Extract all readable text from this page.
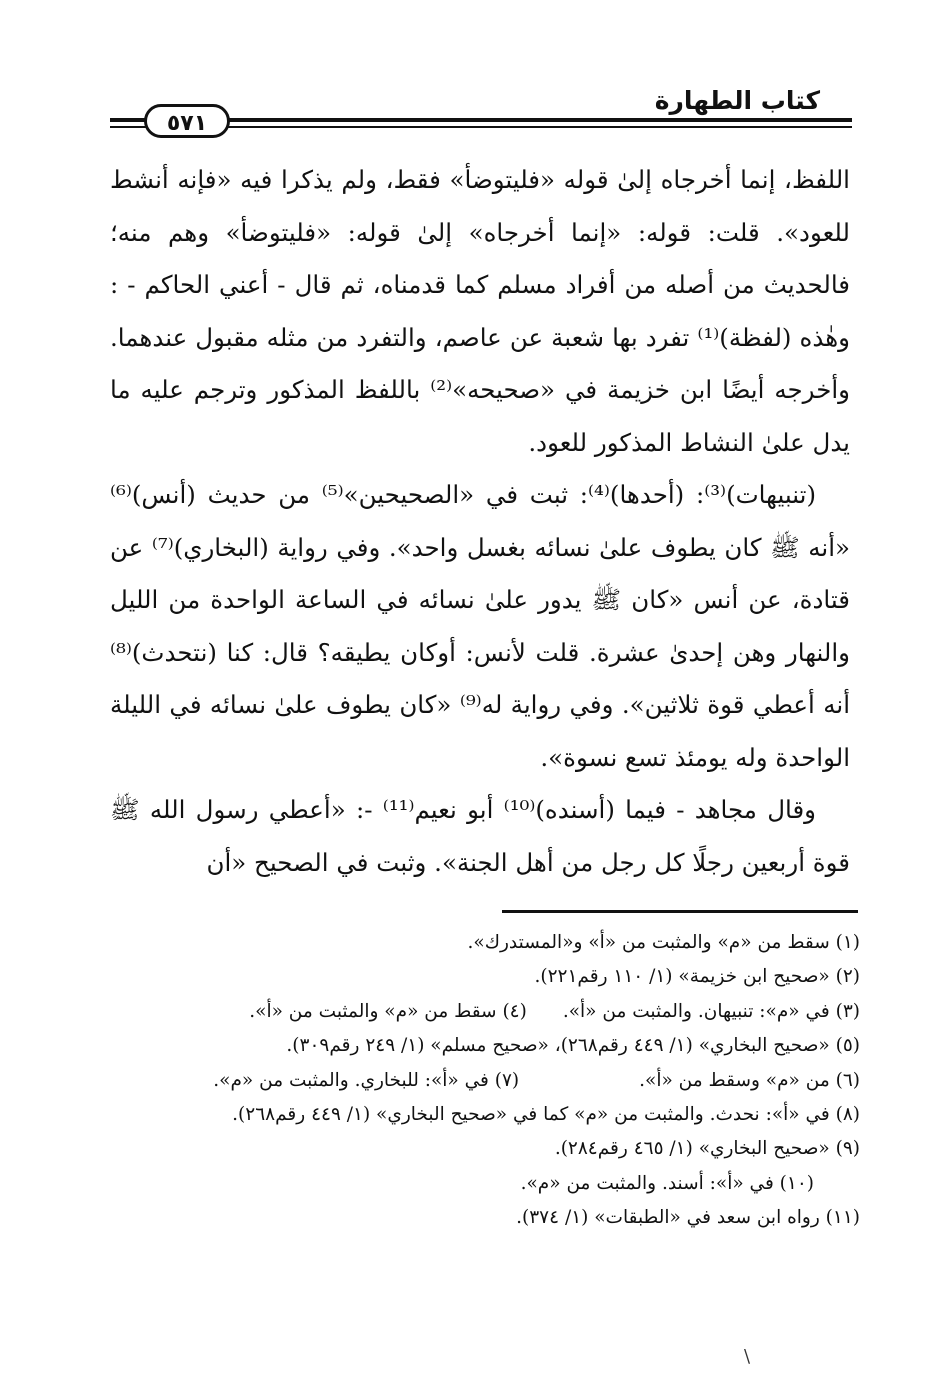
٥٧١
كتاب الطهارة

اللفظ، إنما أخرجاه إلىٰ قوله «فليتوضأ» فقط، ولم يذكرا فيه «فإنه أنشط للعود». قلت: قوله: «إنما أخرجاه» إلىٰ قوله: «فليتوضأ» وهم منه؛ فالحديث من أصله من أفراد مسلم كما قدمناه، ثم قال - أعني الحاكم - : وهٰذه (لفظة)⁽¹⁾ تفرد بها شعبة عن عاصم، والتفرد من مثله مقبول عندهما. وأخرجه أيضًا ابن خزيمة في «صحيحه»⁽²⁾ باللفظ المذكور وترجم عليه ما يدل علىٰ النشاط المذكور للعود.

(تنبيهات)⁽³⁾: (أحدها)⁽⁴⁾: ثبت في «الصحيحين»⁽⁵⁾ من حديث (أنس)⁽⁶⁾ «أنه ﷺ كان يطوف علىٰ نسائه بغسل واحد». وفي رواية (البخاري)⁽⁷⁾ عن قتادة، عن أنس «كان ﷺ يدور علىٰ نسائه في الساعة الواحدة من الليل والنهار وهن إحدىٰ عشرة. قلت لأنس: أوكان يطيقه؟ قال: كنا (نتحدث)⁽⁸⁾ أنه أعطي قوة ثلاثين». وفي رواية له⁽⁹⁾ «كان يطوف علىٰ نسائه في الليلة الواحدة وله يومئذ تسع نسوة».

وقال مجاهد - فيما (أسنده)⁽¹⁰⁾ أبو نعيم⁽¹¹⁾ -: «أعطي رسول الله ﷺ قوة أربعين رجلًا كل رجل من أهل الجنة». وثبت في الصحيح «أن

(١) سقط من «م» والمثبت من «أ» و«المستدرك».
(٢) «صحيح ابن خزيمة» (١/ ١١٠ رقم٢٢١).
(٣) في «م»: تنبيهان. والمثبت من «أ».(٤) سقط من «م» والمثبت من «أ».
(٥) «صحيح البخاري» (١/ ٤٤٩ رقم٢٦٨)، «صحيح مسلم» (١/ ٢٤٩ رقم٣٠٩).
(٦) من «م» وسقط من «أ».(٧) في «أ»: للبخاري. والمثبت من «م».
(٨) في «أ»: نحدث. والمثبت من «م» كما في «صحيح البخاري» (١/ ٤٤٩ رقم٢٦٨).
(٩) «صحيح البخاري» (١/ ٤٦٥ رقم٢٨٤).
(١٠) في «أ»: أسند. والمثبت من «م».
(١١) رواه ابن سعد في «الطبقات» (١/ ٣٧٤).
\
